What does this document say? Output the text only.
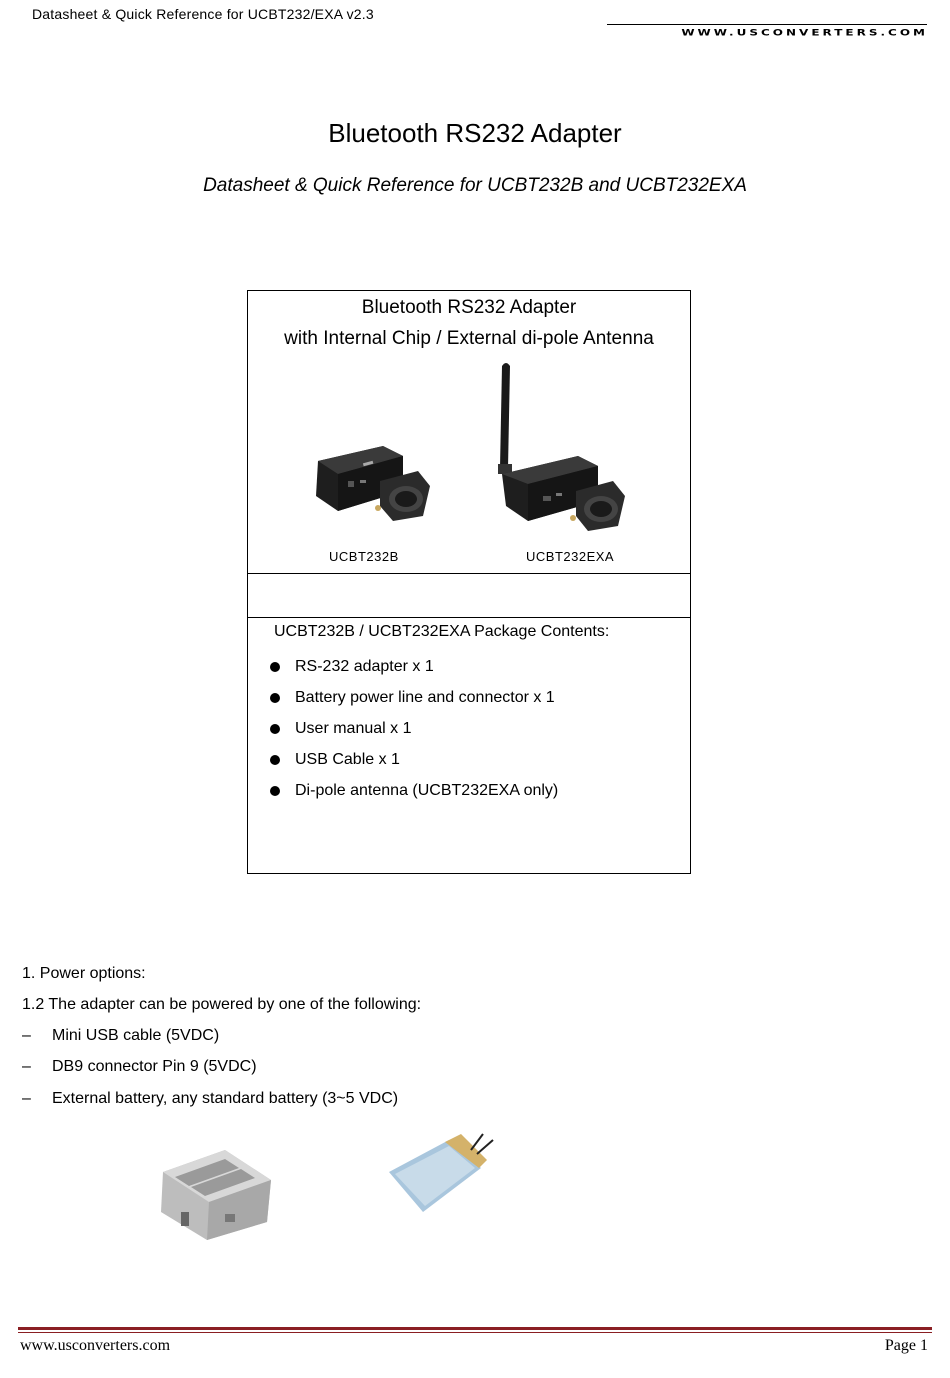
Datasheet & Quick Reference for UCBT232/EXA v2.3
WWW.USCONVERTERS.COM
Bluetooth RS232 Adapter
Datasheet & Quick Reference for UCBT232B and UCBT232EXA
Bluetooth RS232 Adapter
with Internal Chip / External di-pole Antenna
UCBT232B	UCBT232EXA
UCBT232B / UCBT232EXA Package Contents:
RS-232 adapter x 1
Battery power line and connector x 1
User manual x 1
USB Cable x 1
Di-pole antenna (UCBT232EXA only)
1. Power options:
1.2 The adapter can be powered by one of the following:
–	Mini USB cable (5VDC)
–	DB9 connector Pin 9 (5VDC)
–	External battery, any standard battery (3~5 VDC)
www.usconverters.com	Page 1
